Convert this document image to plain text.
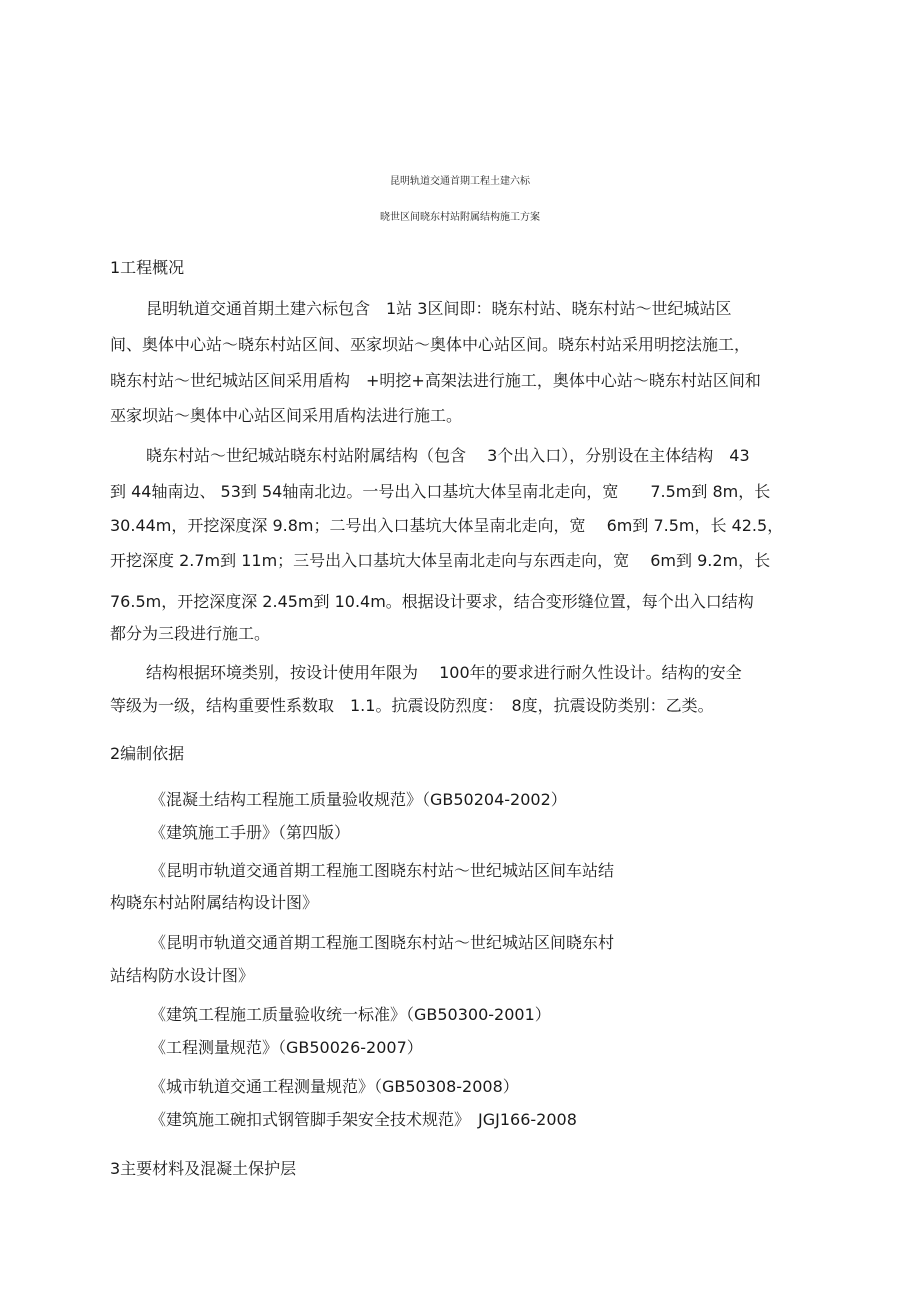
昆明轨道交通首期工程土建六标
晓世区间晓东村站附属结构施工方案
1工程概况
昆明轨道交通首期土建六标包含　1站 3区间即：晓东村站、晓东村站～世纪城站区
间、奥体中心站～晓东村站区间、巫家坝站～奥体中心站区间。晓东村站采用明挖法施工，
晓东村站～世纪城站区间采用盾构　+明挖+高架法进行施工，奥体中心站～晓东村站区间和
巫家坝站～奥体中心站区间采用盾构法进行施工。
晓东村站～世纪城站晓东村站附属结构（包含　 3个出入口），分别设在主体结构　43
到 44轴南边、 53到 54轴南北边。一号出入口基坑大体呈南北走向，宽　　7.5m到 8m，长
30.44m，开挖深度深 9.8m；二号出入口基坑大体呈南北走向，宽　 6m到 7.5m，长 42.5，
开挖深度 2.7m到 11m；三号出入口基坑大体呈南北走向与东西走向，宽　 6m到 9.2m，长
76.5m，开挖深度深 2.45m到 10.4m。根据设计要求，结合变形缝位置，每个出入口结构
都分为三段进行施工。
结构根据环境类别，按设计使用年限为　 100年的要求进行耐久性设计。结构的安全
等级为一级，结构重要性系数取　1.1。抗震设防烈度：　8度，抗震设防类别：乙类。
2编制依据
《混凝土结构工程施工质量验收规范》（GB50204-2002）
《建筑施工手册》（第四版）
《昆明市轨道交通首期工程施工图晓东村站～世纪城站区间车站结
构晓东村站附属结构设计图》
《昆明市轨道交通首期工程施工图晓东村站～世纪城站区间晓东村
站结构防水设计图》
《建筑工程施工质量验收统一标准》（GB50300-2001）
《工程测量规范》（GB50026-2007）
《城市轨道交通工程测量规范》（GB50308-2008）
《建筑施工碗扣式钢管脚手架安全技术规范》　JGJ166-2008
3主要材料及混凝土保护层
